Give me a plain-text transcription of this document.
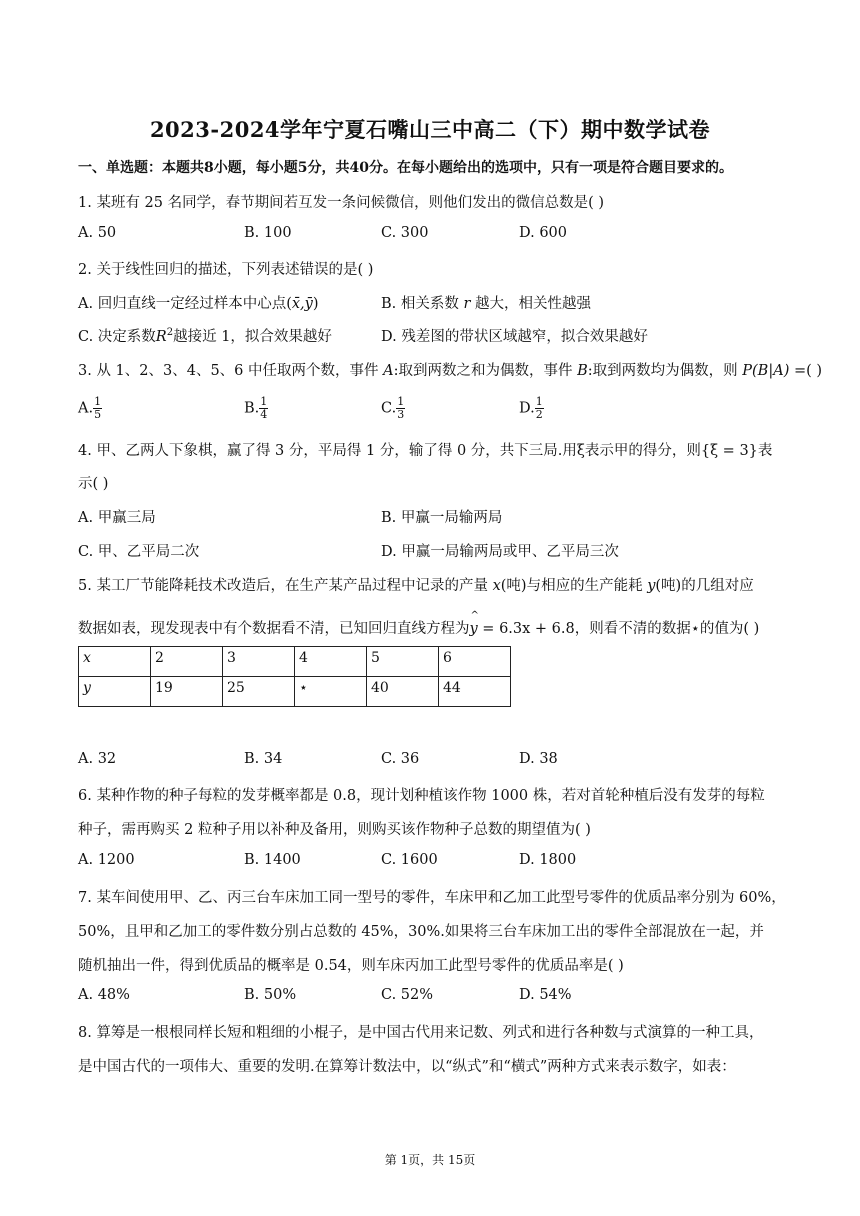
2023-2024学年宁夏石嘴山三中高二（下）期中数学试卷
一、单选题：本题共8小题，每小题5分，共40分。在每小题给出的选项中，只有一项是符合题目要求的。
1. 某班有 25 名同学，春节期间若互发一条问候微信，则他们发出的微信总数是( )
A. 50	B. 100	C. 300	D. 600
2. 关于线性回归的描述，下列表述错误的是( )
A. 回归直线一定经过样本中心点(x̄,ȳ)	B. 相关系数 r 越大，相关性越强
C. 决定系数$R^2$越接近 1，拟合效果越好	D. 残差图的带状区域越窄，拟合效果越好
3. 从 1、2、3、4、5、6 中任取两个数，事件 A:取到两数之和为偶数，事件 B:取到两数均为偶数，则 P(B|A) =( )
A. $\frac{1}{5}$	B. $\frac{1}{4}$	C. $\frac{1}{3}$	D. $\frac{1}{2}$
4. 甲、乙两人下象棋，赢了得 3 分，平局得 1 分，输了得 0 分，共下三局.用ξ表示甲的得分，则{ξ = 3}表
示( )
A. 甲赢三局	B. 甲赢一局输两局
C. 甲、乙平局二次	D. 甲赢一局输两局或甲、乙平局三次
5. 某工厂节能降耗技术改造后，在生产某产品过程中记录的产量 x(吨)与相应的生产能耗 y(吨)的几组对应
数据如表，现发现表中有个数据看不清，已知回归直线方程为^ y = 6.3x + 6.8，则看不清的数据⋆的值为( )
x	2	3	4	5	6
y	19	25	⋆	40	44
A. 32	B. 34	C. 36	D. 38
6. 某种作物的种子每粒的发芽概率都是 0.8，现计划种植该作物 1000 株，若对首轮种植后没有发芽的每粒
种子，需再购买 2 粒种子用以补种及备用，则购买该作物种子总数的期望值为( )
A. 1200	B. 1400	C. 1600	D. 1800
7. 某车间使用甲、乙、丙三台车床加工同一型号的零件，车床甲和乙加工此型号零件的优质品率分别为 60%，
50%，且甲和乙加工的零件数分别占总数的 45%，30%.如果将三台车床加工出的零件全部混放在一起，并
随机抽出一件，得到优质品的概率是 0.54，则车床丙加工此型号零件的优质品率是( )
A. 48%	B. 50%	C. 52%	D. 54%
8. 算筹是一根根同样长短和粗细的小棍子，是中国古代用来记数、列式和进行各种数与式演算的一种工具，
是中国古代的一项伟大、重要的发明.在算筹计数法中，以“纵式”和“横式”两种方式来表示数字，如表：
第 1页，共 15页
